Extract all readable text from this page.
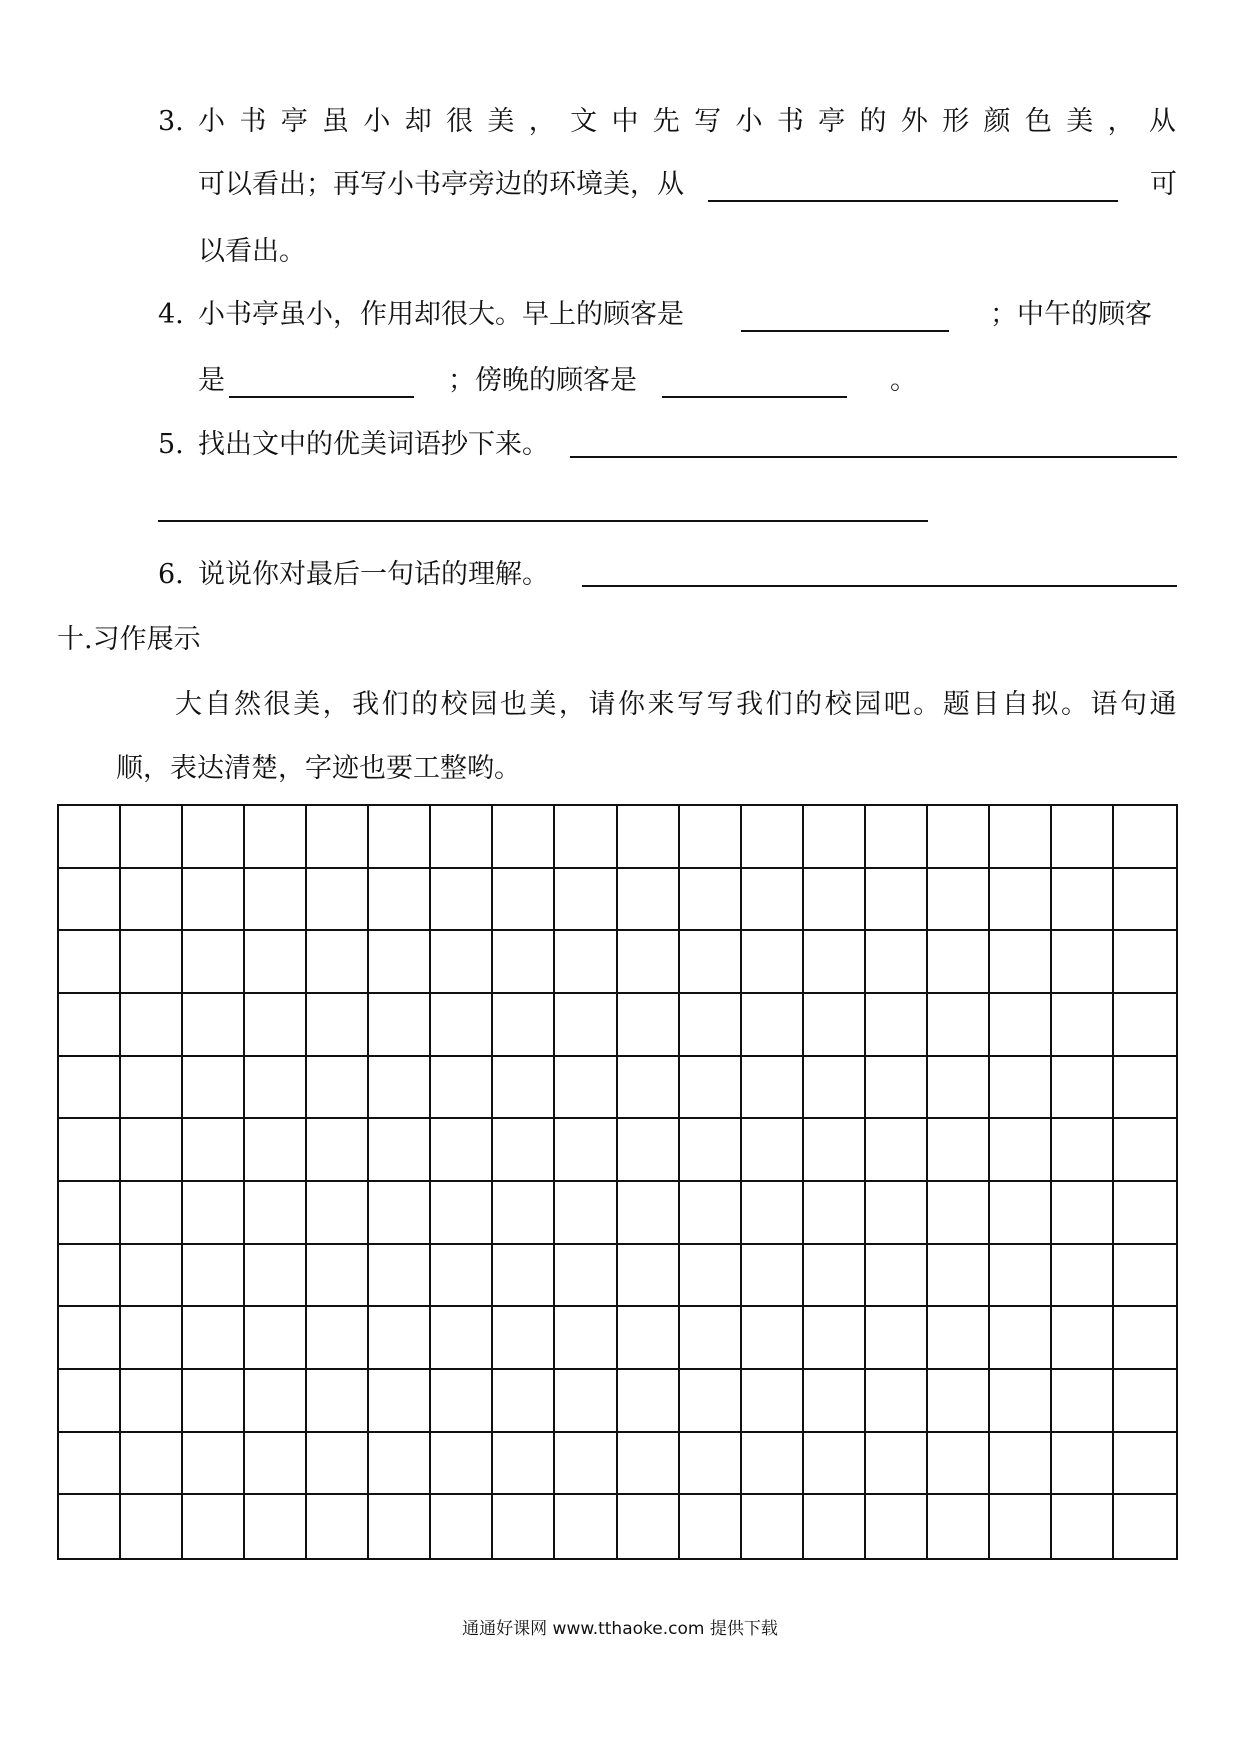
3. 小 书 亭 虽 小 却 很 美 ， 文 中 先 写 小 书 亭 的 外 形 颜 色 美 ， 从
可以看出；再写小书亭旁边的环境美，从	可
以看出。
4. 小书亭虽小，作用却很大。早上的顾客是	；中午的顾客
是	；傍晚的顾客是	。
5. 找出文中的优美词语抄下来。
6. 说说你对最后一句话的理解。
十.习作展示
大 自 然 很 美 ， 我 们 的 校 园 也 美 ， 请 你 来 写 写 我 们 的 校 园 吧 。 题 目 自 拟 。 语 句 通
顺，表达清楚，字迹也要工整哟。
通通好课网 www.tthaoke.com 提供下载
